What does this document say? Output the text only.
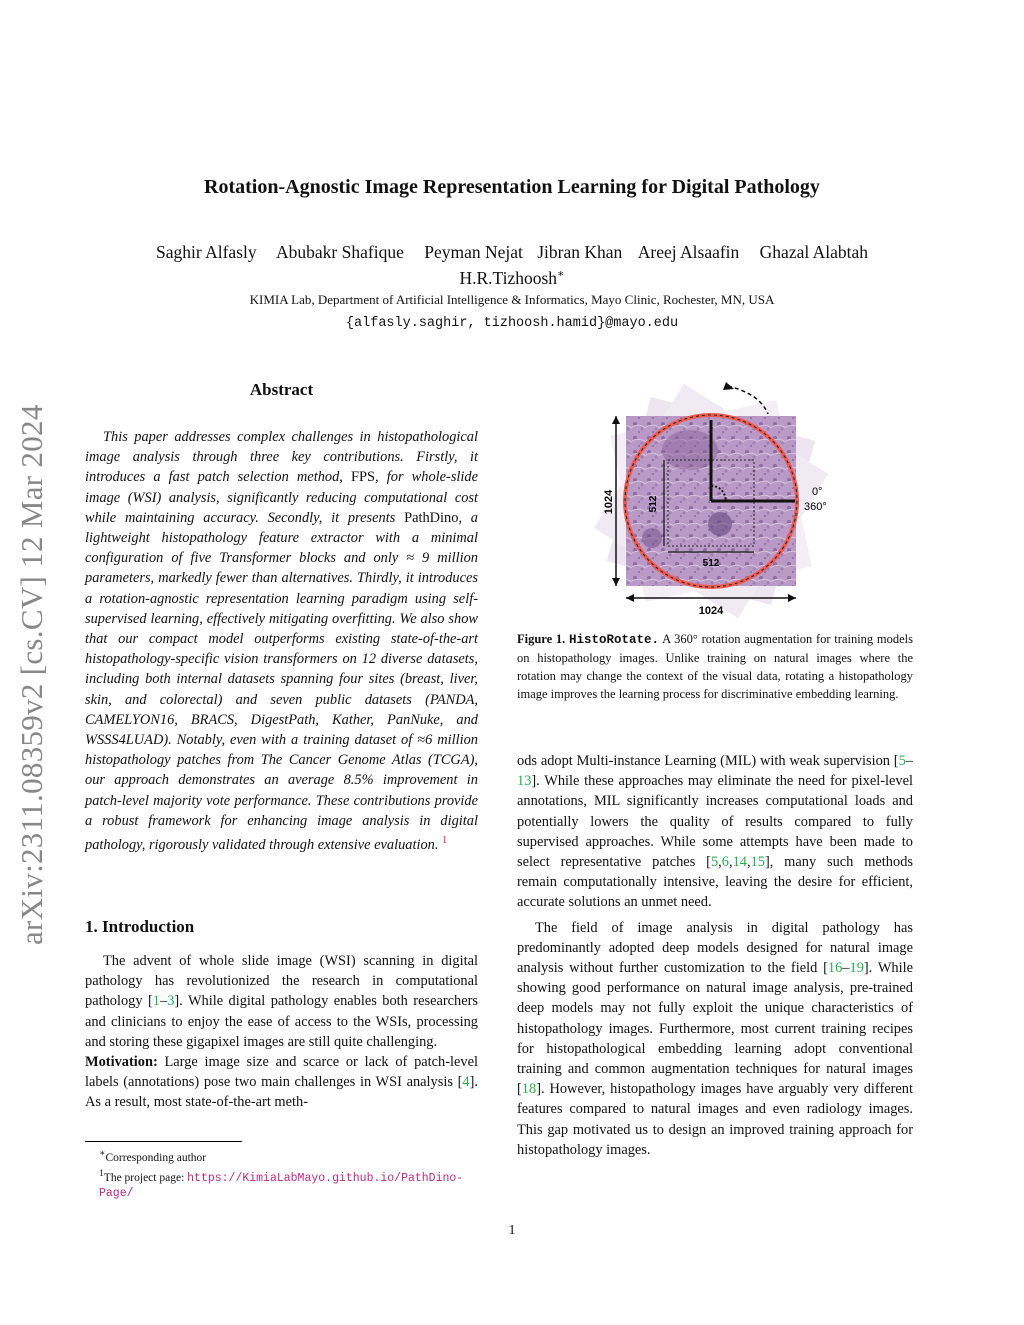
Rotation-Agnostic Image Representation Learning for Digital Pathology
Saghir Alfasly Abubakr Shafique Peyman Nejat Jibran Khan Areej Alsaafin Ghazal Alabtah
H.R.Tizhoosh∗
KIMIA Lab, Department of Artificial Intelligence & Informatics, Mayo Clinic, Rochester, MN, USA
{alfasly.saghir, tizhoosh.hamid}@mayo.edu
arXiv:2311.08359v2 [cs.CV] 12 Mar 2024
Abstract

This paper addresses complex challenges in histopathological image analysis through three key contributions. Firstly, it introduces a fast patch selection method, FPS, for whole-slide image (WSI) analysis, significantly reducing computational cost while maintaining accuracy. Secondly, it presents PathDino, a lightweight histopathology feature extractor with a minimal configuration of five Transformer blocks and only ≈ 9 million parameters, markedly fewer than alternatives. Thirdly, it introduces a rotation-agnostic representation learning paradigm using self-supervised learning, effectively mitigating overfitting. We also show that our compact model outperforms existing state-of-the-art histopathology-specific vision transformers on 12 diverse datasets, including both internal datasets spanning four sites (breast, liver, skin, and colorectal) and seven public datasets (PANDA, CAMELYON16, BRACS, DigestPath, Kather, PanNuke, and WSSS4LUAD). Notably, even with a training dataset of ≈6 million histopathology patches from The Cancer Genome Atlas (TCGA), our approach demonstrates an average 8.5% improvement in patch-level majority vote performance. These contributions provide a robust framework for enhancing image analysis in digital pathology, rigorously validated through extensive evaluation. $^1$

1. Introduction

The advent of whole slide image (WSI) scanning in digital pathology has revolutionized the research in computational pathology [1–3]. While digital pathology enables both researchers and clinicians to enjoy the ease of access to the WSIs, processing and storing these gigapixel images are still quite challenging.

Motivation: Large image size and scarce or lack of patch-level labels (annotations) pose two main challenges in WSI analysis [4]. As a result, most state-of-the-art meth-

∗Corresponding author
$^1$The project page: https://KimiaLabMayo.github.io/PathDino-Page/
1024
1024
512
512
0°
360°
Figure 1. HistoRotate. A 360° rotation augmentation for training models on histopathology images. Unlike training on natural images where the rotation may change the context of the visual data, rotating a histopathology image improves the learning process for discriminative embedding learning.

ods adopt Multi-instance Learning (MIL) with weak supervision [5–13]. While these approaches may eliminate the need for pixel-level annotations, MIL significantly increases computational loads and potentially lowers the quality of results compared to fully supervised approaches. While some attempts have been made to select representative patches [5,6,14,15], many such methods remain computationally intensive, leaving the desire for efficient, accurate solutions an unmet need.

The field of image analysis in digital pathology has predominantly adopted deep models designed for natural image analysis without further customization to the field [16–19]. While showing good performance on natural image analysis, pre-trained deep models may not fully exploit the unique characteristics of histopathology images. Furthermore, most current training recipes for histopathological embedding learning adopt conventional training and common augmentation techniques for natural images [18]. However, histopathology images have arguably very different features compared to natural images and even radiology images. This gap motivated us to design an improved training approach for histopathology images.

1
